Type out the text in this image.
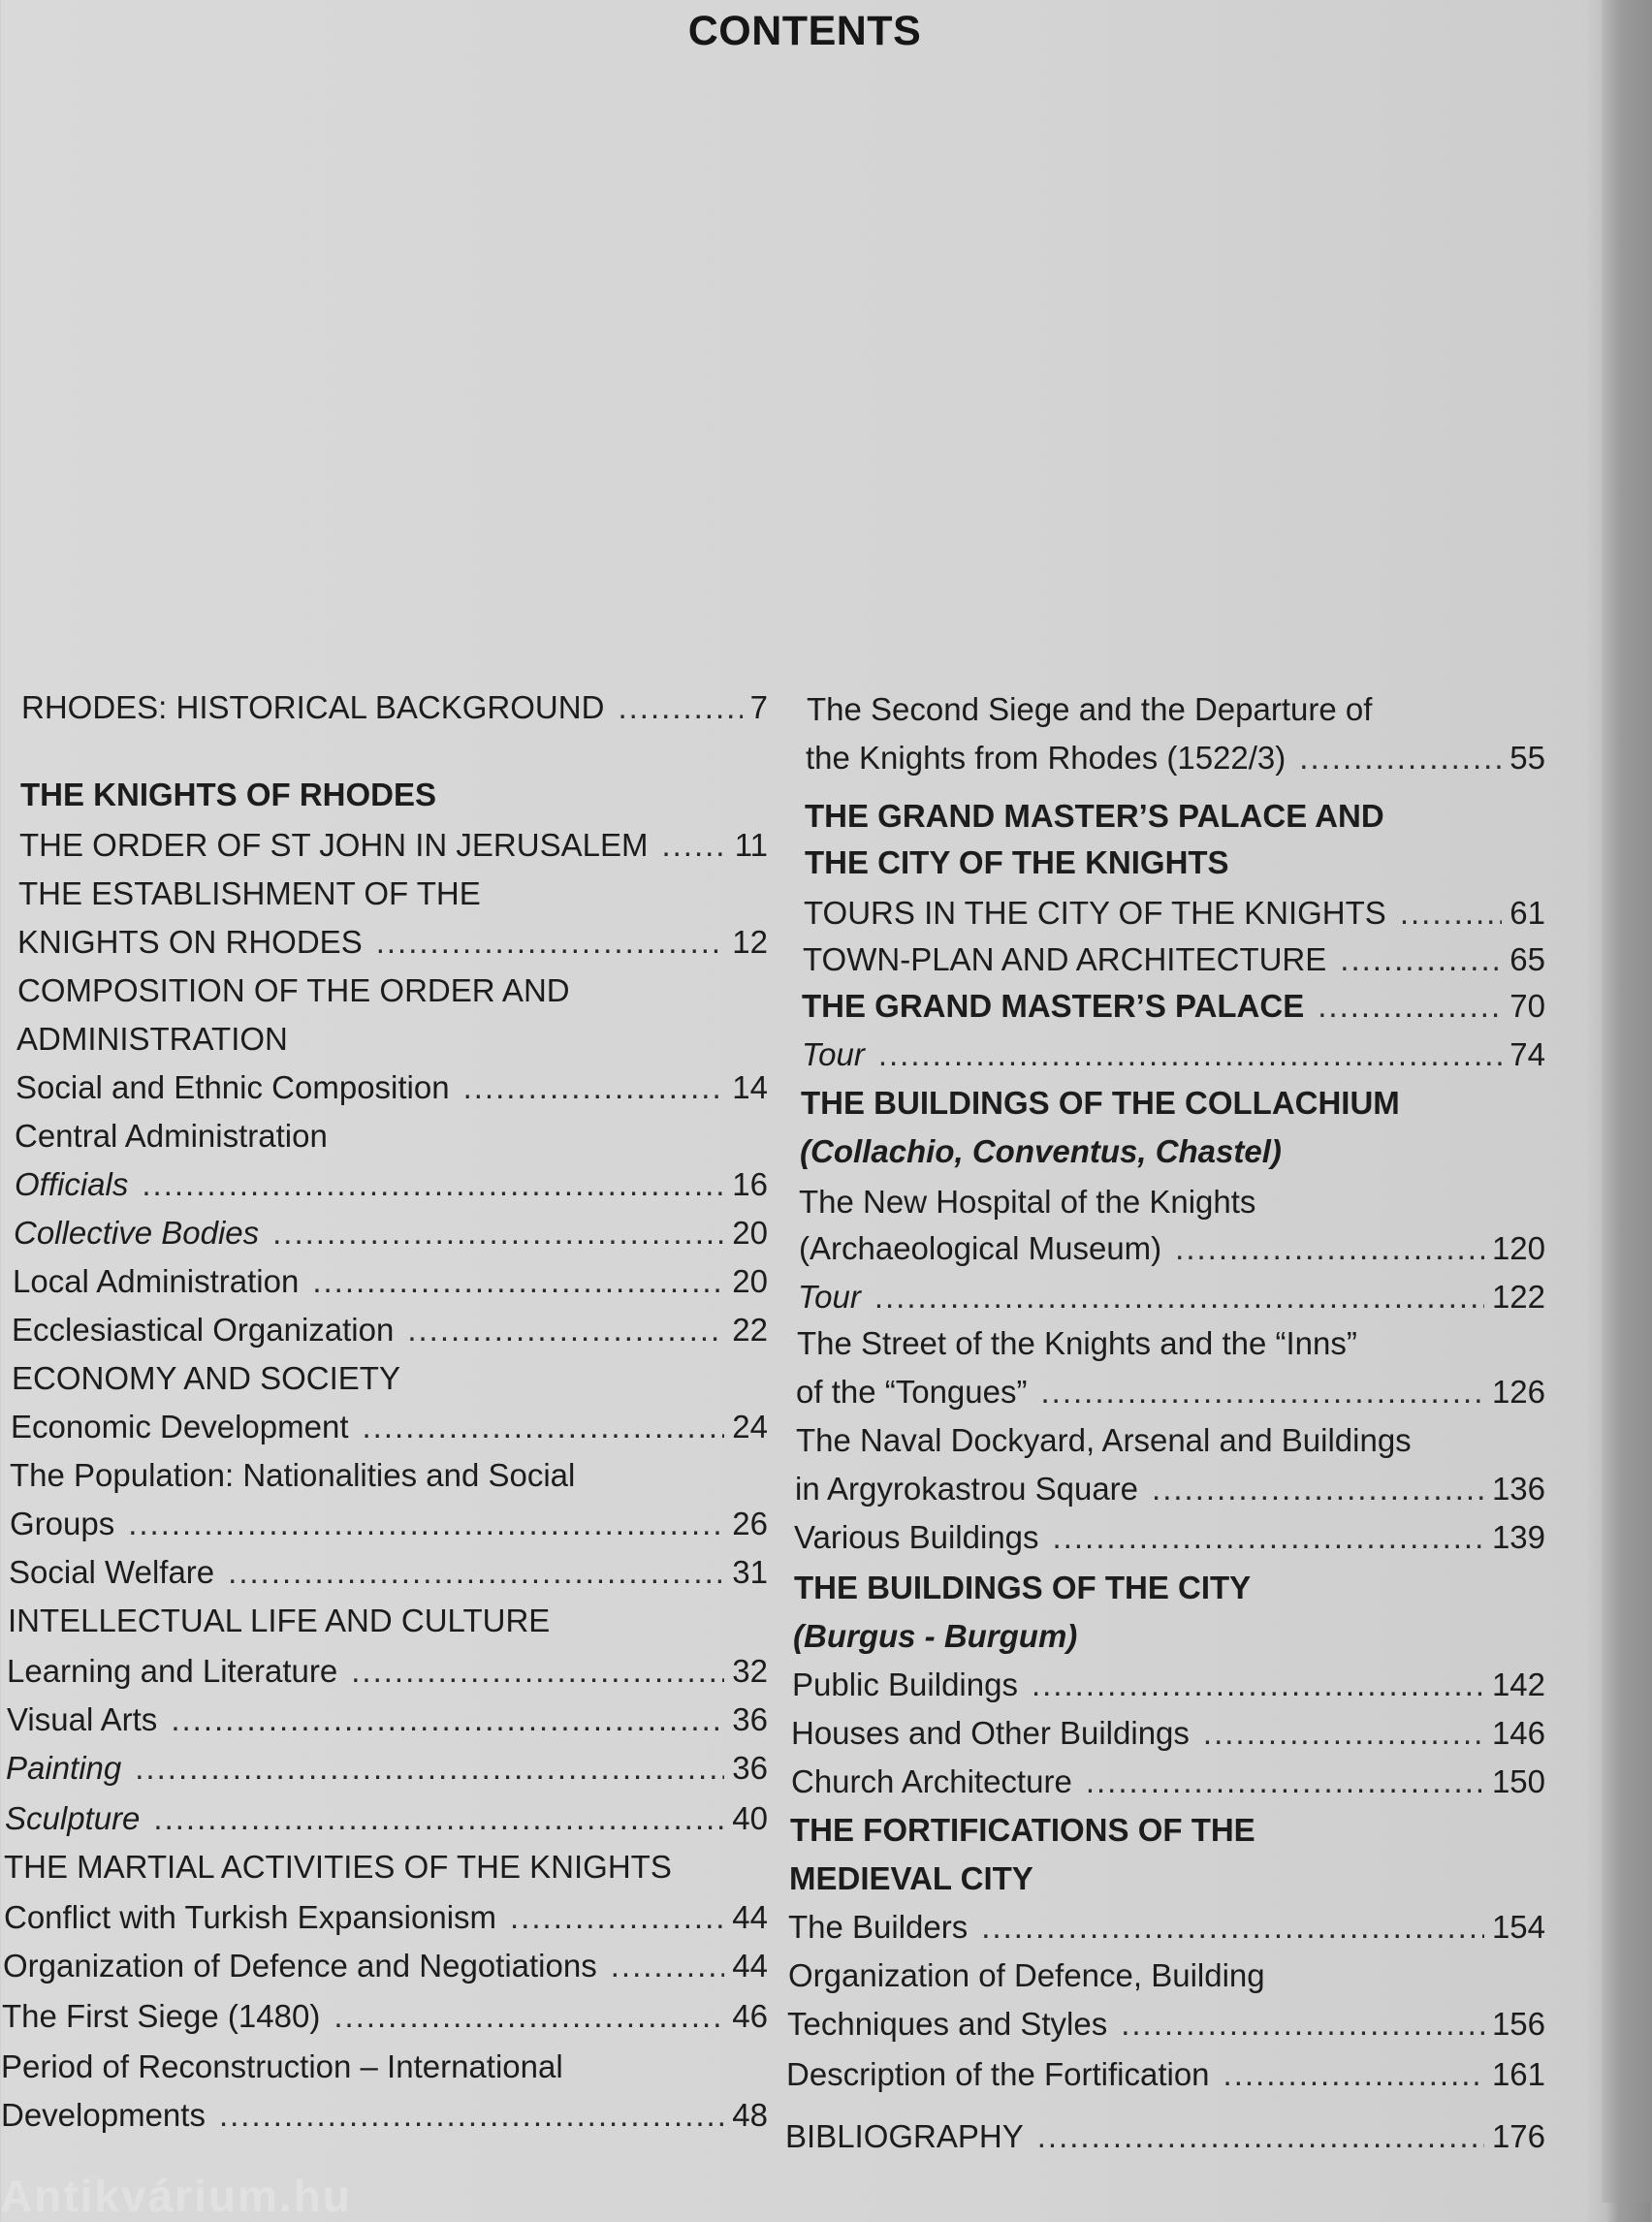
CONTENTS
RHODES: HISTORICAL BACKGROUND .....	7
THE KNIGHTS OF RHODES
THE ORDER OF ST JOHN IN JERUSALEM .....	11
THE ESTABLISHMENT OF THE
KNIGHTS ON RHODES .....	12
COMPOSITION OF THE ORDER AND
ADMINISTRATION
Social and Ethnic Composition .....	14
Central Administration
Officials .....	16
Collective Bodies .....	20
Local Administration .....	20
Ecclesiastical Organization .....	22
ECONOMY AND SOCIETY
Economic Development .....	24
The Population: Nationalities and Social
Groups .....	26
Social Welfare .....	31
INTELLECTUAL LIFE AND CULTURE
Learning and Literature .....	32
Visual Arts .....	36
Painting .....	36
Sculpture .....	40
THE MARTIAL ACTIVITIES OF THE KNIGHTS
Conflict with Turkish Expansionism .....	44
Organization of Defence and Negotiations .....	44
The First Siege (1480) .....	46
Period of Reconstruction – International
Developments .....	48
The Second Siege and the Departure of
the Knights from Rhodes (1522/3) .....	55
THE GRAND MASTER’S PALACE AND
THE CITY OF THE KNIGHTS
TOURS IN THE CITY OF THE KNIGHTS .....	61
TOWN-PLAN AND ARCHITECTURE .....	65
THE GRAND MASTER’S PALACE .....	70
Tour .....	74
THE BUILDINGS OF THE COLLACHIUM
(Collachio, Conventus, Chastel)
The New Hospital of the Knights
(Archaeological Museum) .....	120
Tour .....	122
The Street of the Knights and the “Inns”
of the “Tongues” .....	126
The Naval Dockyard, Arsenal and Buildings
in Argyrokastrou Square .....	136
Various Buildings .....	139
THE BUILDINGS OF THE CITY
(Burgus - Burgum)
Public Buildings .....	142
Houses and Other Buildings .....	146
Church Architecture .....	150
THE FORTIFICATIONS OF THE
MEDIEVAL CITY
The Builders .....	154
Organization of Defence, Building
Techniques and Styles .....	156
Description of the Fortification .....	161
BIBLIOGRAPHY .....	176
Antikvárium.hu
